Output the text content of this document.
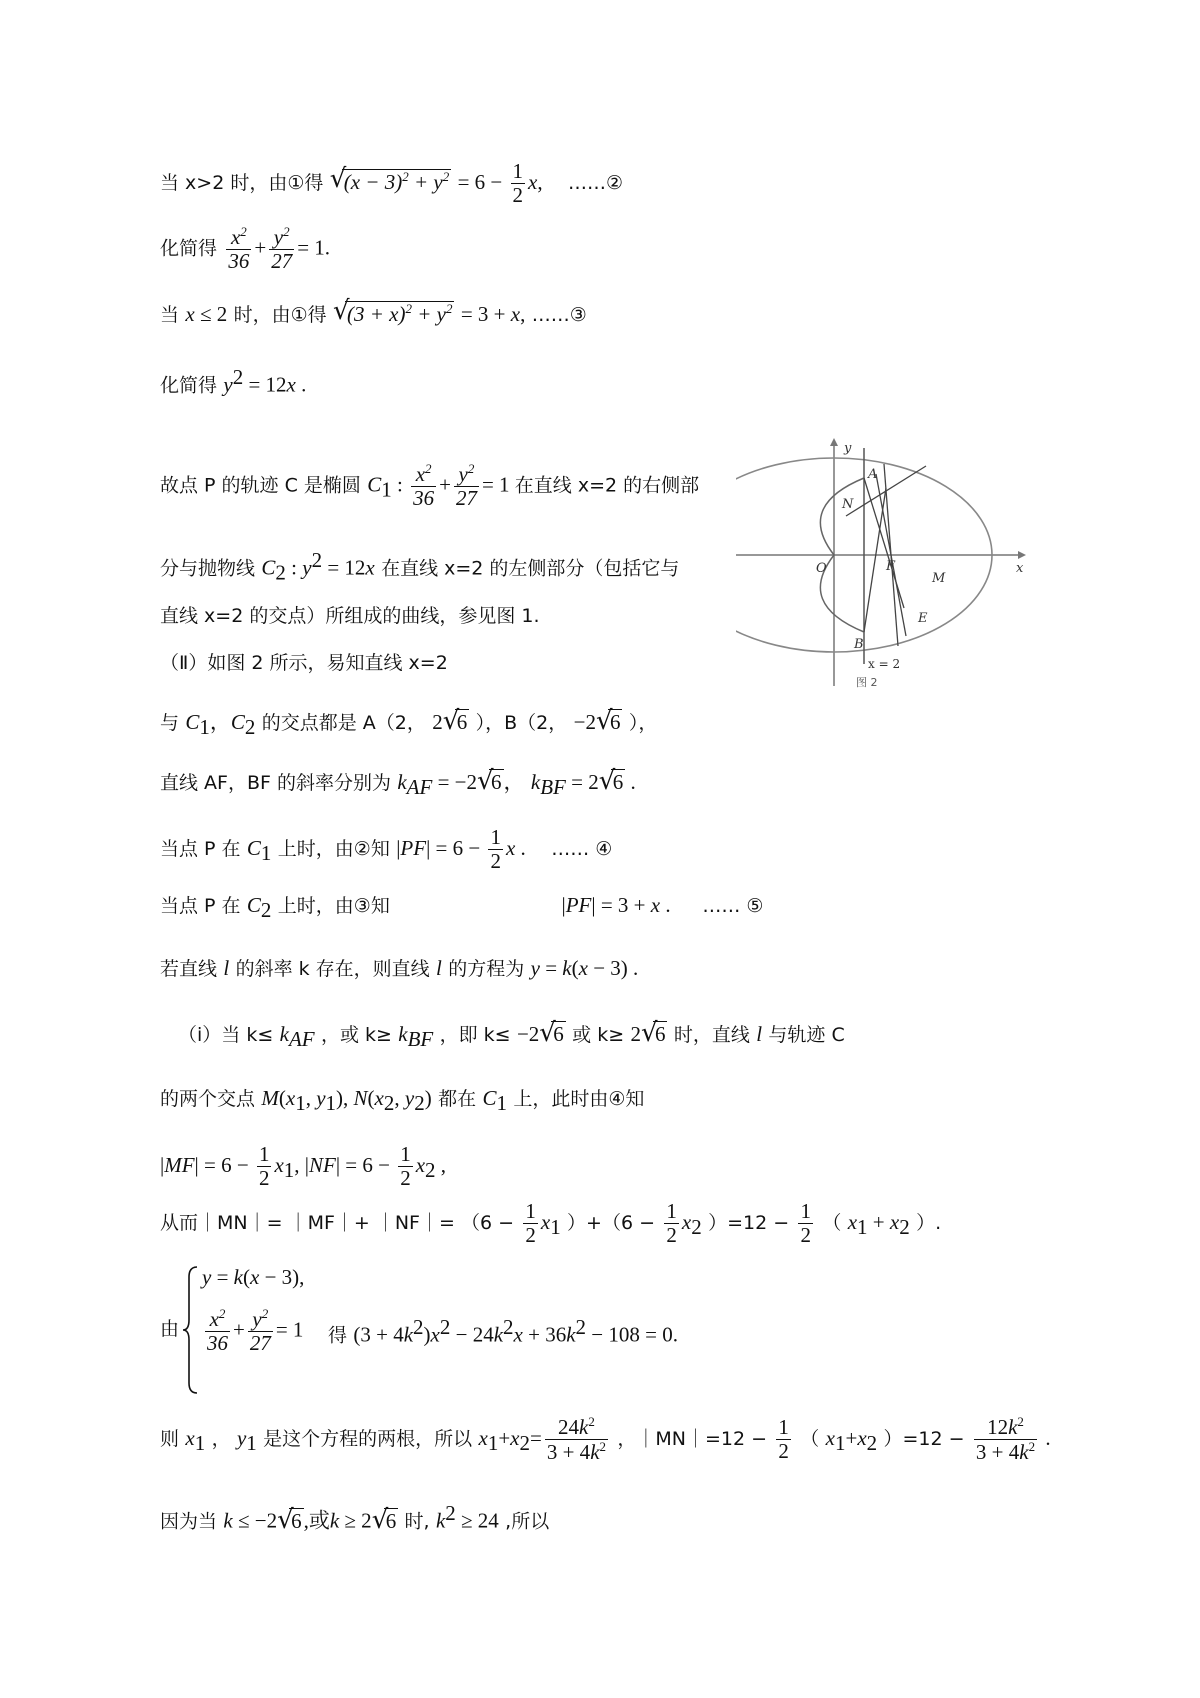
当 x>2 时，由①得 √
$(x - 3)^2 + y^2 = 6 - \frac{1}{2} x$, ……②
化简得 $\frac{x^2}{36} + \frac{y^2}{27} = 1$.
当 x ≤ 2 时，由①得 √
$(3 + x)^2 + y^2 = 3 + x$, ……③
化简得 $y^2 = 12x$ .
故点 P 的轨迹 C 是椭圆 $C_1$ : $\frac{x^2}{36} + \frac{y^2}{27} = 1$ 在直线 x=2 的右侧部
分与抛物线 $C_2$ : $y^2 = 12x$ 在直线 x=2 的左侧部分（包括它与
直线 x=2 的交点）所组成的曲线，参见图 1.
（Ⅱ）如图 2 所示，易知直线 x=2
与 $C_1$，$C_2$ 的交点都是 A（2， 2 √
6 ），B（2， −2 √
6 ），
直线 AF，BF 的斜率分别为 $k_{AF} = -2$ √
6， $k_{BF} = 2$ √
6 .
当点 P 在 $C_1$ 上时，由②知 $|PF| = 6 - \frac{1}{2}$ x . …… ④
当点 P 在 $C_2$ 上时，由③知	|PF| = 3 + x . …… ⑤
若直线 l 的斜率 k 存在，则直线 l 的方程为 y = k(x − 3) .
（ⅰ）当 $k\le k_{AF}$ ，或 $k\ge k_{BF}$ ，即 k≤ −2 √
6 或 k≥ 2 √
6 时，直线 l 与轨迹 C
的两个交点 $M(x_1$, $y_1$), $N(x_2$, $y_2$) 都在 $C_1$ 上，此时由④知
$|MF| = 6 - \frac{1}{2} x_1$, $|NF| = 6 - \frac{1}{2} x_2$ ,
从而｜MN｜= ｜MF｜+ ｜NF｜= （$6 - \frac{1}{2} x_1$ ）$+(6 - \frac{1}{2} x_2$ ）$=12 - \frac{1}{2}$ （ $x_1 + x_2$ ）.
由
y = k(x − 3),
$\frac{x^2}{36} + \frac{y^2}{27} = 1$ 得 $(3 + 4k^2)x^2 - 24k^2x + 36k^2 - 108 = 0$.
则 $x_1$ ， $y_1$ 是这个方程的两根，所以 $x_1+x_2= \frac{24k^2}{3 + 4k^2}$ ，｜MN｜=12 − $\frac{1}{2}$ （ $x_1+x_2$ ）$=12 - \frac{12k^2}{3 + 4k^2}$ .
因为当 k ≤ −2 √
6,或k ≥ 2 √
6 时, $k^2 \ge 24$ ,所以
y
x
O	F
A
B
M
E
N
x = 2
图 2
